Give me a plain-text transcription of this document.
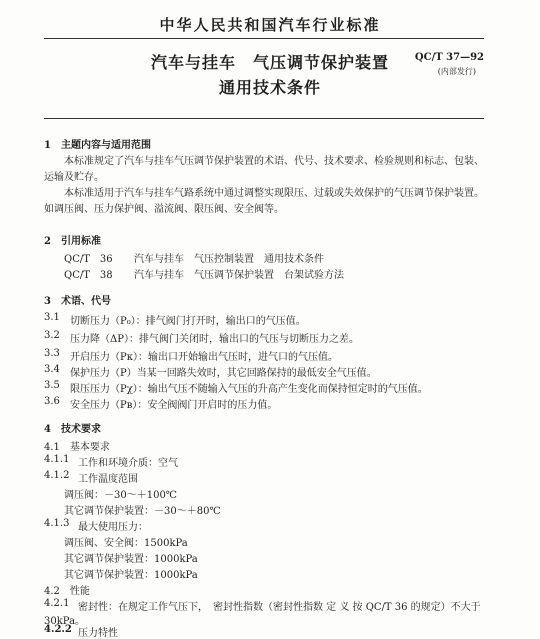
中华人民共和国汽车行业标准
汽车与挂车　气压调节保护装置
通用技术条件
QC/T 37—92
(内部发行)
1　主题内容与适用范围
本标准规定了汽车与挂车气压调节保护装置的术语、代号、技术要求、检验规则和标志、包装、运输及贮存。
本标准适用于汽车与挂车气路系统中通过调整实现限压、过载或失效保护的气压调节保护装置。如调压阀、压力保护阀、溢流阀、限压阀、安全阀等。
2　引用标准
QC/T　36 汽车与挂车　气压控制装置　通用技术条件
QC/T　38 汽车与挂车　气压调节保护装置　台架试验方法
3　术语、代号
3.1 切断压力（P₀）：排气阀门打开时，输出口的气压值。
3.2 压力降（ΔP）：排气阀门关闭时，输出口的气压与切断压力之差。
3.3 开启压力（Pκ）：输出口开始输出气压时，进气口的气压值。
3.4 保护压力（P）当某一回路失效时，其它回路保持的最低安全气压值。
3.5 限压压力（Pχ）：输出气压不随输入气压的升高产生变化而保持恒定时的气压值。
3.6 安全压力（Pʙ）：安全阀阀门开启时的压力值。
4　技术要求
4.1　基本要求
4.1.1 工作和环境介质：空气
4.1.2 工作温度范围
调压阀：－30～＋100℃
其它调节保护装置：－30～＋80℃
4.1.3 最大使用压力：
调压阀、安全阀：1500kPa
其它调节保护装置：1000kPa
其它调节保护装置：1000kPa
4.2　性能
4.2.1 密封性：在规定工作气压下，　密封性指数（密封性指数 定 义 按 QC/T 36 的规定）不大于
30kPa。
4.2.2 压力特性
